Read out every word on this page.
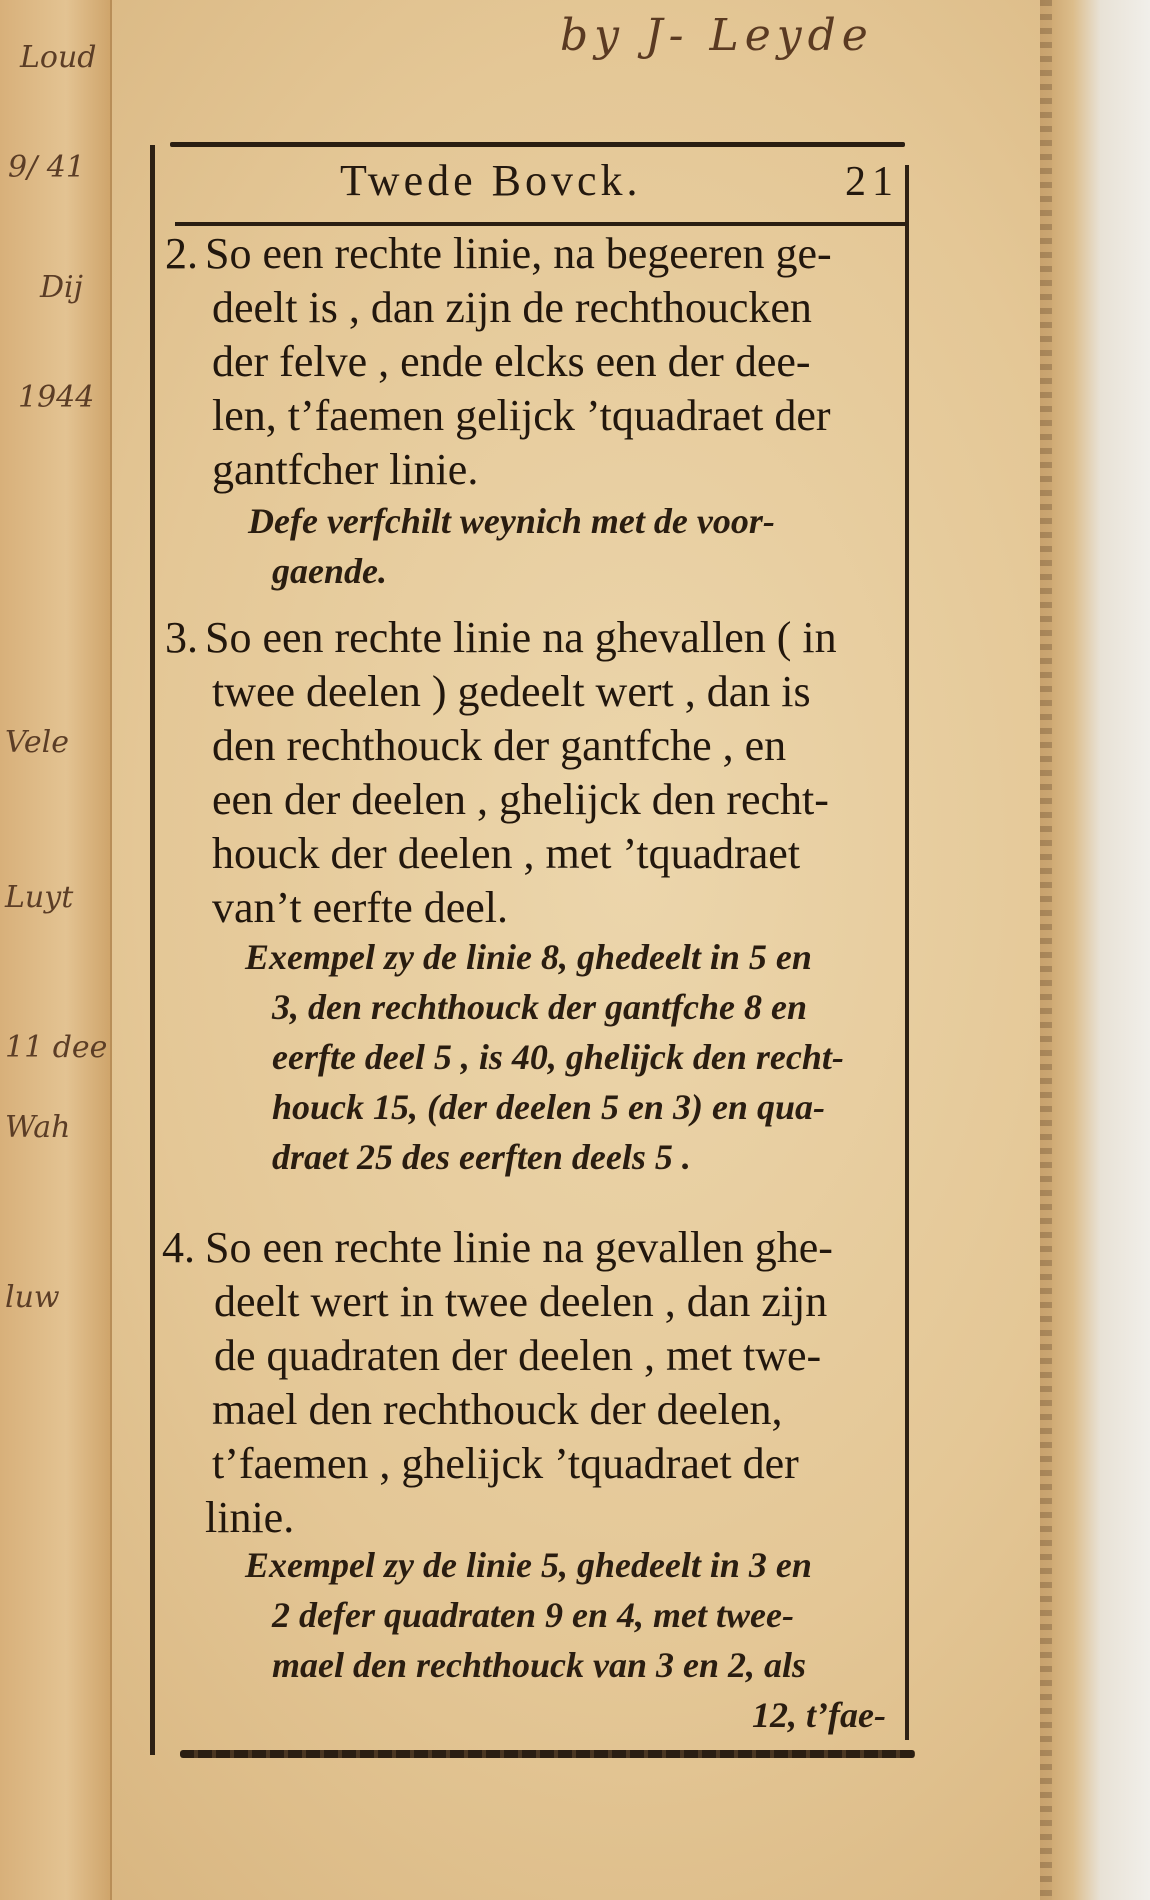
by J- Leyde
Loud
9/ 41
Dij
1944
Vele
Luyt
11 dee
Wah
luw
Twede Bovck.	21
2. So een rechte linie, na begeeren ge-
deelt is , dan zijn de rechthoucken
der felve , ende elcks een der dee-
len, t’faemen gelijck ’tquadraet der
gantfcher linie.
Defe verfchilt weynich met de voor-
gaende.
3. So een rechte linie na ghevallen ( in
twee deelen ) gedeelt wert , dan is
den rechthouck der gantfche , en
een der deelen , ghelijck den recht-
houck der deelen , met ’tquadraet
van’t eerfte deel.
Exempel zy de linie 8, ghedeelt in 5 en
3, den rechthouck der gantfche 8 en
eerfte deel 5 , is 40, ghelijck den recht-
houck 15, (der deelen 5 en 3) en qua-
draet 25 des eerften deels 5 .
4. So een rechte linie na gevallen ghe-
deelt wert in twee deelen , dan zijn
de quadraten der deelen , met twe-
mael den rechthouck der deelen,
t’faemen , ghelijck ’tquadraet der
linie.
Exempel zy de linie 5, ghedeelt in 3 en
2 defer quadraten 9 en 4, met twee-
mael den rechthouck van 3 en 2, als
12, t’fae-
